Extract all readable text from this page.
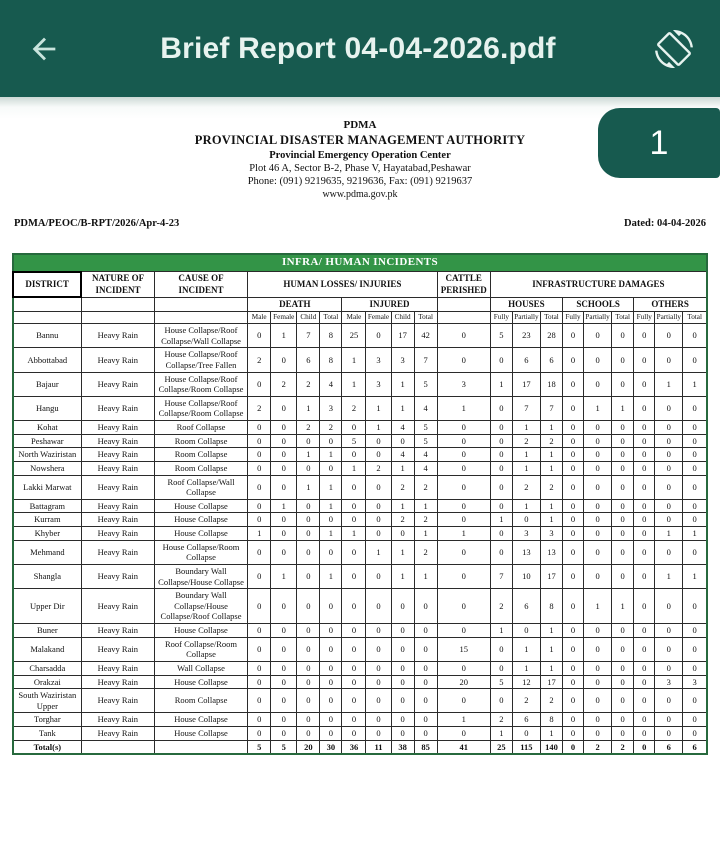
Brief Report 04-04-2026.pdf
1
PDMA
PROVINCIAL DISASTER MANAGEMENT AUTHORITY
Provincial Emergency Operation Center
Plot 46 A, Sector B-2, Phase V, Hayatabad,Peshawar
Phone: (091) 9219635, 9219636, Fax: (091) 9219637
www.pdma.gov.pk
PDMA/PEOC/B-RPT/2026/Apr-4-23	Dated: 04-04-2026
INFRA/ HUMAN INCIDENTS																				
DISTRICT	NATURE OF INCIDENT	CAUSE OF INCIDENT	HUMAN LOSSES/ INJURIES								CATTLE PERISHED	INFRASTRUCTURE DAMAGES								
			DEATH				INJURED					HOUSES			SCHOOLS			OTHERS		
			Male	Female	Child	Total	Male	Female	Child	Total		Fully	Partially	Total	Fully	Partially	Total	Fully	Partially	Total
Bannu	Heavy Rain	House Collapse/Roof Collapse/Wall Collapse	0	1	7	8	25	0	17	42	0	5	23	28	0	0	0	0	0	0
Abbottabad	Heavy Rain	House Collapse/Roof Collapse/Tree Fallen	2	0	6	8	1	3	3	7	0	0	6	6	0	0	0	0	0	0
Bajaur	Heavy Rain	House Collapse/Roof Collapse/Room Collapse	0	2	2	4	1	3	1	5	3	1	17	18	0	0	0	0	1	1
Hangu	Heavy Rain	House Collapse/Roof Collapse/Room Collapse	2	0	1	3	2	1	1	4	1	0	7	7	0	1	1	0	0	0
Kohat	Heavy Rain	Roof Collapse	0	0	2	2	0	1	4	5	0	0	1	1	0	0	0	0	0	0
Peshawar	Heavy Rain	Room Collapse	0	0	0	0	5	0	0	5	0	0	2	2	0	0	0	0	0	0
North Waziristan	Heavy Rain	Room Collapse	0	0	1	1	0	0	4	4	0	0	1	1	0	0	0	0	0	0
Nowshera	Heavy Rain	Room Collapse	0	0	0	0	1	2	1	4	0	0	1	1	0	0	0	0	0	0
Lakki Marwat	Heavy Rain	Roof Collapse/Wall Collapse	0	0	1	1	0	0	2	2	0	0	2	2	0	0	0	0	0	0
Battagram	Heavy Rain	House Collapse	0	1	0	1	0	0	1	1	0	0	1	1	0	0	0	0	0	0
Kurram	Heavy Rain	House Collapse	0	0	0	0	0	0	2	2	0	1	0	1	0	0	0	0	0	0
Khyber	Heavy Rain	House Collapse	1	0	0	1	1	0	0	1	1	0	3	3	0	0	0	0	1	1
Mehmand	Heavy Rain	House Collapse/Room Collapse	0	0	0	0	0	1	1	2	0	0	13	13	0	0	0	0	0	0
Shangla	Heavy Rain	Boundary Wall Collapse/House Collapse	0	1	0	1	0	0	1	1	0	7	10	17	0	0	0	0	1	1
Upper Dir	Heavy Rain	Boundary Wall Collapse/House Collapse/Roof Collapse	0	0	0	0	0	0	0	0	0	2	6	8	0	1	1	0	0	0
Buner	Heavy Rain	House Collapse	0	0	0	0	0	0	0	0	0	1	0	1	0	0	0	0	0	0
Malakand	Heavy Rain	Roof Collapse/Room Collapse	0	0	0	0	0	0	0	0	15	0	1	1	0	0	0	0	0	0
Charsadda	Heavy Rain	Wall Collapse	0	0	0	0	0	0	0	0	0	0	1	1	0	0	0	0	0	0
Orakzai	Heavy Rain	House Collapse	0	0	0	0	0	0	0	0	20	5	12	17	0	0	0	0	3	3
South Waziristan Upper	Heavy Rain	Room Collapse	0	0	0	0	0	0	0	0	0	0	2	2	0	0	0	0	0	0
Torghar	Heavy Rain	House Collapse	0	0	0	0	0	0	0	0	1	2	6	8	0	0	0	0	0	0
Tank	Heavy Rain	House Collapse	0	0	0	0	0	0	0	0	0	1	0	1	0	0	0	0	0	0
Total(s)			5	5	20	30	36	11	38	85	41	25	115	140	0	2	2	0	6	6
